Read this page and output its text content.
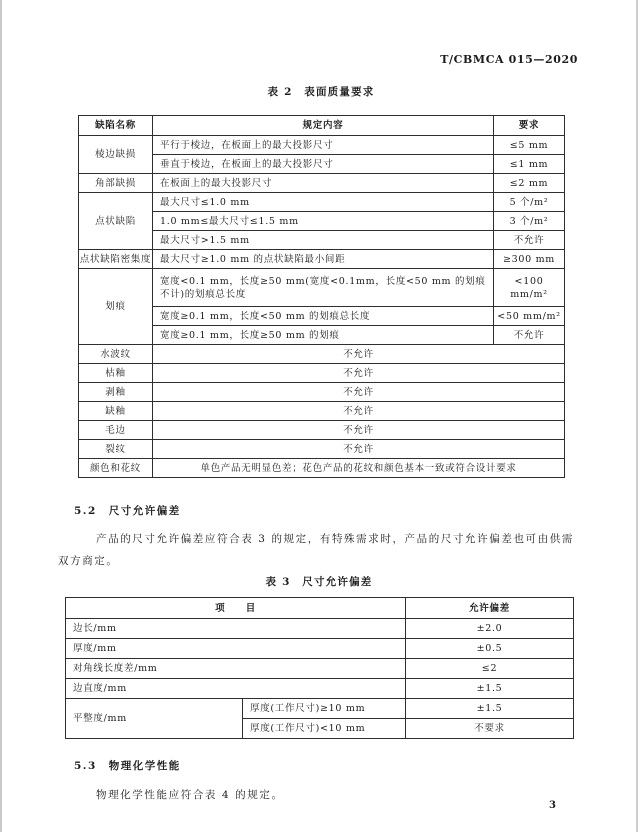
T/CBMCA 015—2020
表 2　表面质量要求
缺陷名称	规定内容	要求
棱边缺损	平行于棱边，在板面上的最大投影尺寸	≤5 mm
	垂直于棱边，在板面上的最大投影尺寸	≤1 mm
角部缺损	在板面上的最大投影尺寸	≤2 mm
点状缺陷	最大尺寸≤1.0 mm	5 个/m²
	1.0 mm≤最大尺寸≤1.5 mm	3 个/m²
	最大尺寸>1.5 mm	不允许
点状缺陷密集度	最大尺寸≥1.0 mm 的点状缺陷最小间距	≥300 mm
划痕	宽度<0.1 mm，长度≥50 mm(宽度<0.1mm，长度<50 mm 的划痕不计)的划痕总长度	<100 mm/m²
	宽度≥0.1 mm，长度<50 mm 的划痕总长度	<50 mm/m²
	宽度≥0.1 mm，长度≥50 mm 的划痕	不允许
水波纹	不允许	
枯釉	不允许	
剥釉	不允许	
缺釉	不允许	
毛边	不允许	
裂纹	不允许	
颜色和花纹	单色产品无明显色差；花色产品的花纹和颜色基本一致或符合设计要求	
5.2　尺寸允许偏差

产品的尺寸允许偏差应符合表 3 的规定，有特殊需求时，产品的尺寸允许偏差也可由供需双方商定。

表 3　尺寸允许偏差
项　　目		允许偏差
边长/mm		±2.0
厚度/mm		±0.5
对角线长度差/mm		≤2
边直度/mm		±1.5
平整度/mm	厚度(工作尺寸)≥10 mm	±1.5
	厚度(工作尺寸)<10 mm	不要求
5.3　物理化学性能

物理化学性能应符合表 4 的规定。

3
